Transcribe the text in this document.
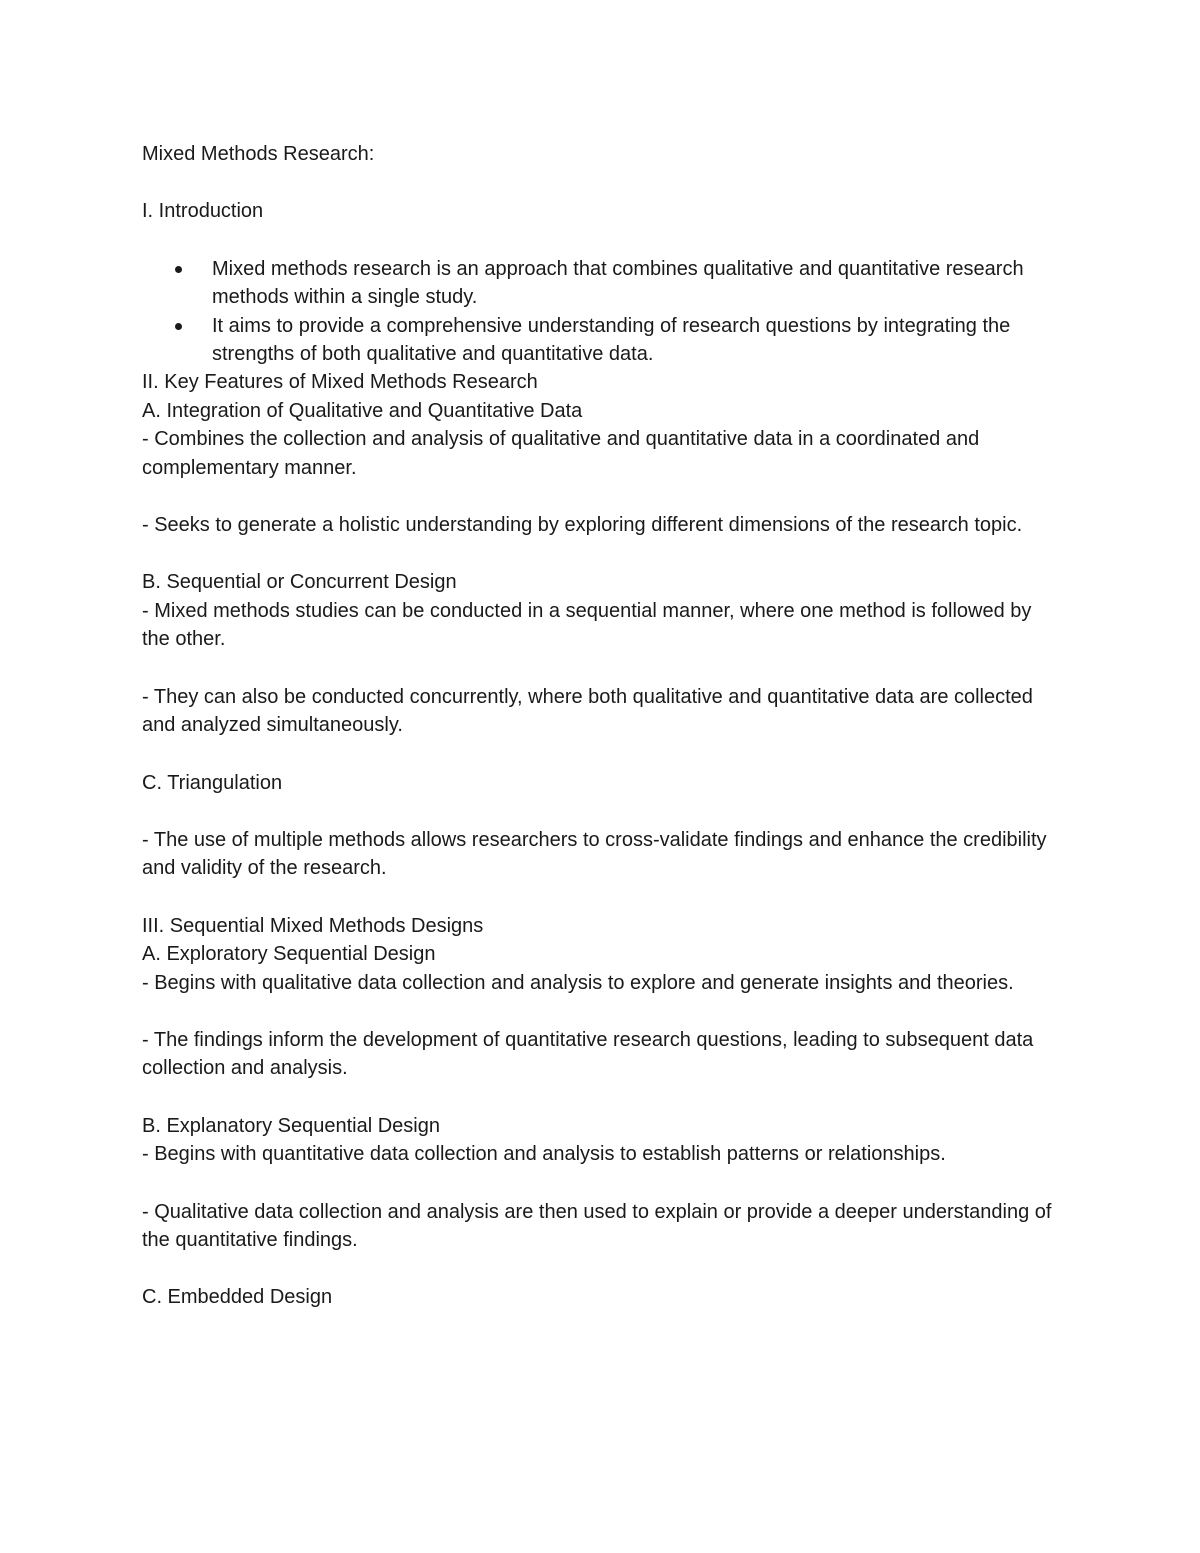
Mixed Methods Research:

I. Introduction

Mixed methods research is an approach that combines qualitative and quantitative research methods within a single study.
It aims to provide a comprehensive understanding of research questions by integrating the strengths of both qualitative and quantitative data.

II. Key Features of Mixed Methods Research

A. Integration of Qualitative and Quantitative Data

- Combines the collection and analysis of qualitative and quantitative data in a coordinated and complementary manner.

- Seeks to generate a holistic understanding by exploring different dimensions of the research topic.

B. Sequential or Concurrent Design

- Mixed methods studies can be conducted in a sequential manner, where one method is followed by the other.

- They can also be conducted concurrently, where both qualitative and quantitative data are collected and analyzed simultaneously.

C. Triangulation

- The use of multiple methods allows researchers to cross-validate findings and enhance the credibility and validity of the research.

III. Sequential Mixed Methods Designs

A. Exploratory Sequential Design

- Begins with qualitative data collection and analysis to explore and generate insights and theories.

- The findings inform the development of quantitative research questions, leading to subsequent data collection and analysis.

B. Explanatory Sequential Design

- Begins with quantitative data collection and analysis to establish patterns or relationships.

- Qualitative data collection and analysis are then used to explain or provide a deeper understanding of the quantitative findings.

C. Embedded Design
